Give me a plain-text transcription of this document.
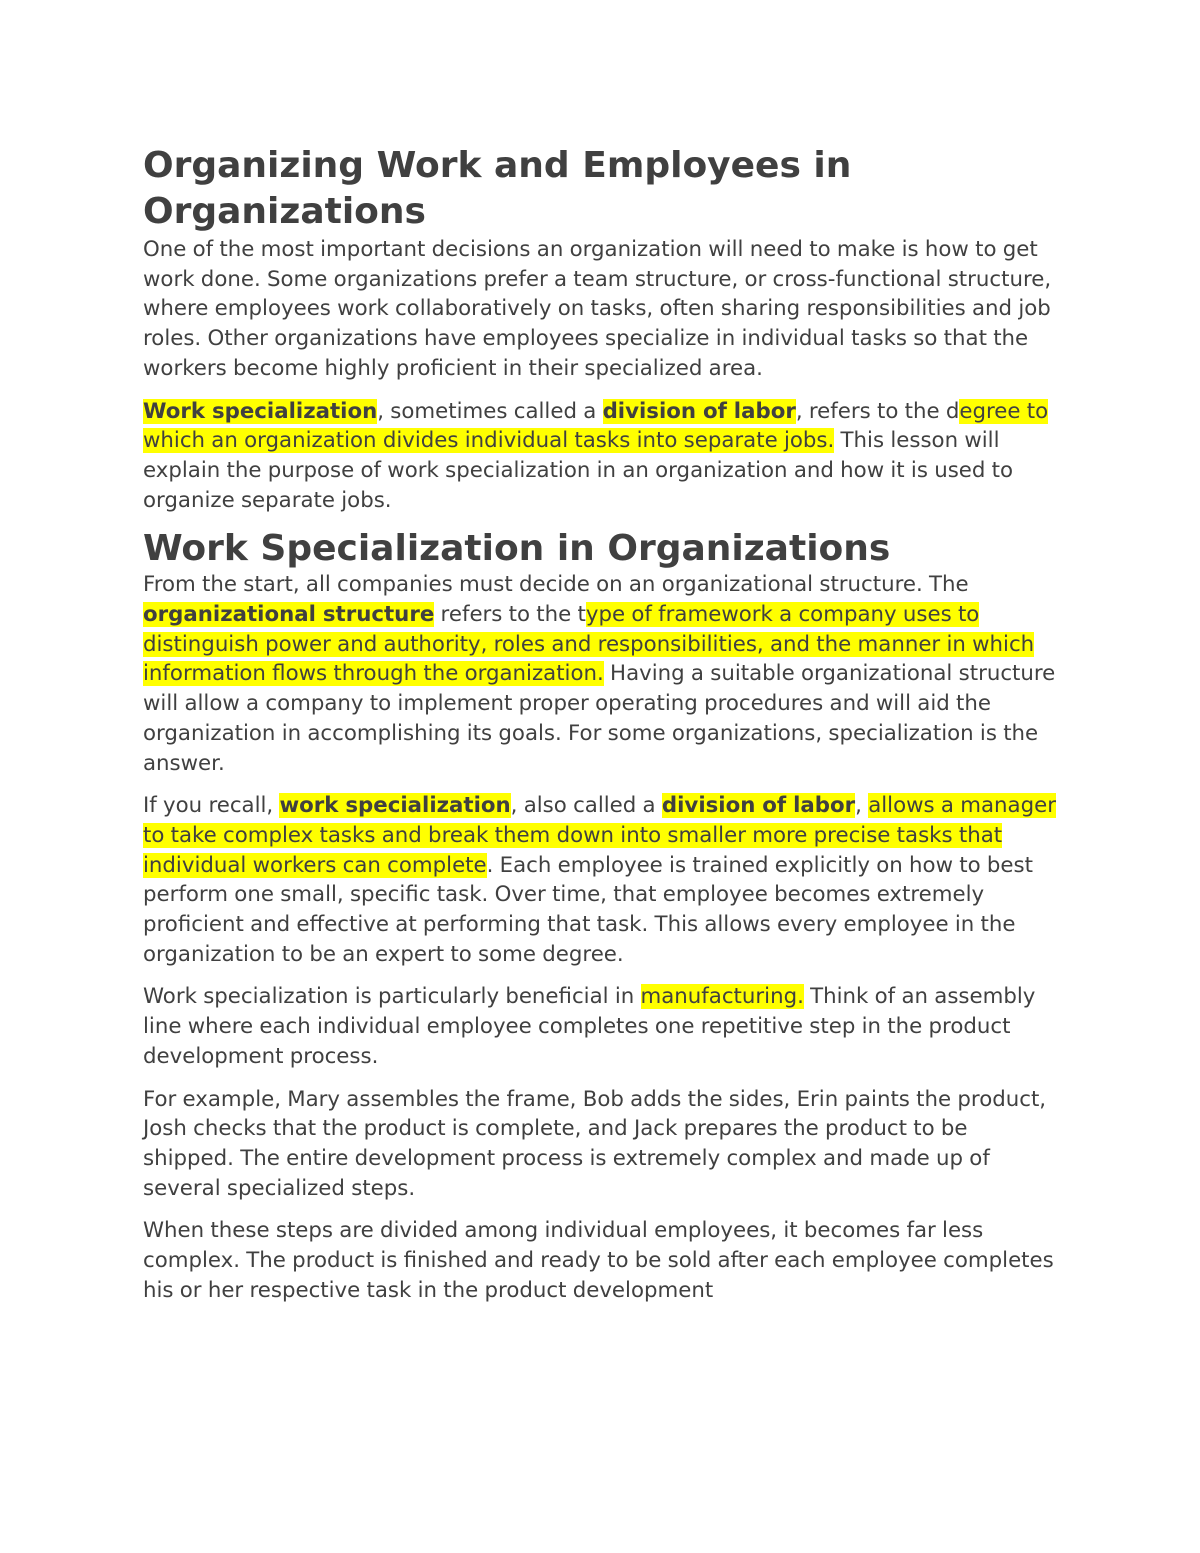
Organizing Work and Employees in Organizations

One of the most important decisions an organization will need to make is how to get work done. Some organizations prefer a team structure, or cross-functional structure, where employees work collaboratively on tasks, often sharing responsibilities and job roles. Other organizations have employees specialize in individual tasks so that the workers become highly proficient in their specialized area.

Work specialization, sometimes called a division of labor, refers to the degree to which an organization divides individual tasks into separate jobs. This lesson will explain the purpose of work specialization in an organization and how it is used to organize separate jobs.

Work Specialization in Organizations

From the start, all companies must decide on an organizational structure. The organizational structure refers to the type of framework a company uses to distinguish power and authority, roles and responsibilities, and the manner in which information flows through the organization. Having a suitable organizational structure will allow a company to implement proper operating procedures and will aid the organization in accomplishing its goals. For some organizations, specialization is the answer.

If you recall, work specialization, also called a division of labor, allows a manager to take complex tasks and break them down into smaller more precise tasks that individual workers can complete. Each employee is trained explicitly on how to best perform one small, specific task. Over time, that employee becomes extremely proficient and effective at performing that task. This allows every employee in the organization to be an expert to some degree.

Work specialization is particularly beneficial in manufacturing. Think of an assembly line where each individual employee completes one repetitive step in the product development process.

For example, Mary assembles the frame, Bob adds the sides, Erin paints the product, Josh checks that the product is complete, and Jack prepares the product to be shipped. The entire development process is extremely complex and made up of several specialized steps.

When these steps are divided among individual employees, it becomes far less complex. The product is finished and ready to be sold after each employee completes his or her respective task in the product development
